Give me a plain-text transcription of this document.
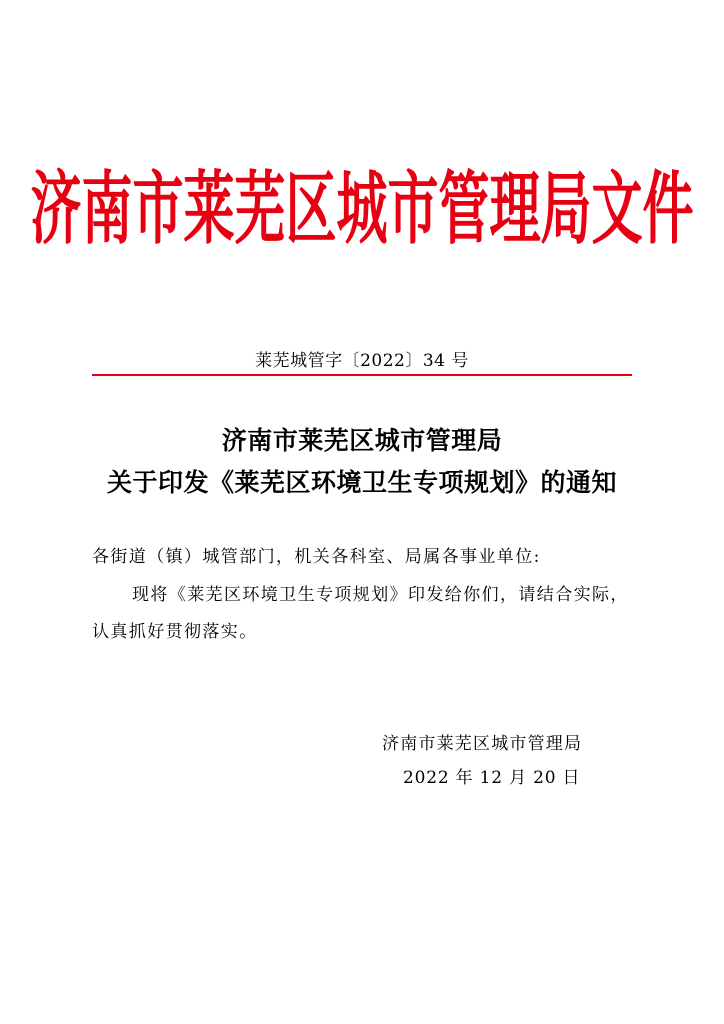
济南市莱芜区城市管理局文件
莱芜城管字〔2022〕34 号
济南市莱芜区城市管理局
关于印发《莱芜区环境卫生专项规划》的通知
各街道（镇）城管部门，机关各科室、局属各事业单位:
现将《莱芜区环境卫生专项规划》印发给你们，请结合实际，
认真抓好贯彻落实。
济南市莱芜区城市管理局
2022 年 12 月 20 日
